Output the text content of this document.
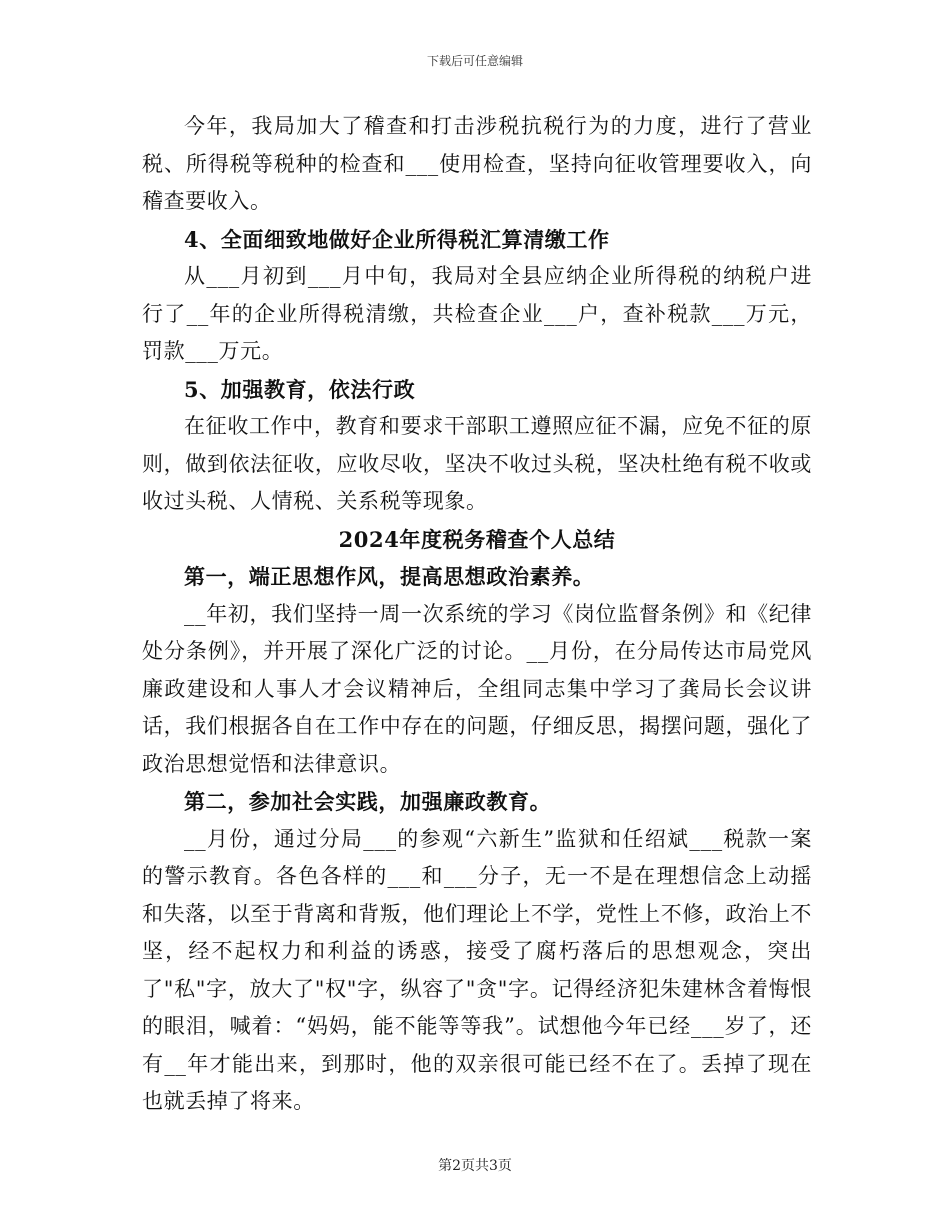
下载后可任意编辑

今年，我局加大了稽查和打击涉税抗税行为的力度，进行了营业税、所得税等税种的检查和___使用检查，坚持向征收管理要收入，向稽查要收入。

4、全面细致地做好企业所得税汇算清缴工作

从___月初到___月中旬，我局对全县应纳企业所得税的纳税户进行了__年的企业所得税清缴，共检查企业___户，查补税款___万元，罚款___万元。

5、加强教育，依法行政

在征收工作中，教育和要求干部职工遵照应征不漏，应免不征的原则，做到依法征收，应收尽收，坚决不收过头税，坚决杜绝有税不收或收过头税、人情税、关系税等现象。

2024年度税务稽查个人总结

第一，端正思想作风，提高思想政治素养。

__年初，我们坚持一周一次系统的学习《岗位监督条例》和《纪律处分条例》，并开展了深化广泛的讨论。__月份，在分局传达市局党风廉政建设和人事人才会议精神后，全组同志集中学习了龚局长会议讲话，我们根据各自在工作中存在的问题，仔细反思，揭摆问题，强化了政治思想觉悟和法律意识。

第二，参加社会实践，加强廉政教育。

__月份，通过分局___的参观“六新生”监狱和任绍斌___税款一案的警示教育。各色各样的___和___分子，无一不是在理想信念上动摇和失落，以至于背离和背叛，他们理论上不学，党性上不修，政治上不坚，经不起权力和利益的诱惑，接受了腐朽落后的思想观念，突出了"私"字，放大了"权"字，纵容了"贪"字。记得经济犯朱建林含着悔恨的眼泪，喊着：“妈妈，能不能等等我”。试想他今年已经___岁了，还有__年才能出来，到那时，他的双亲很可能已经不在了。丢掉了现在也就丢掉了将来。

第2页共3页
